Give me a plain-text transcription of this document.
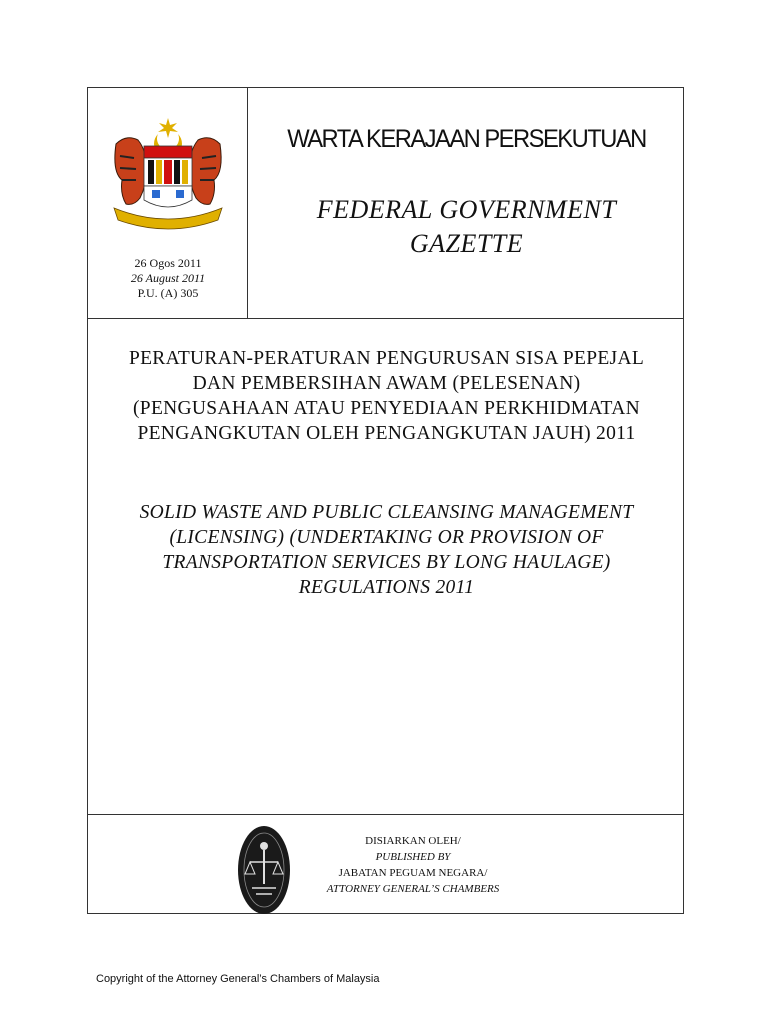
26 Ogos 2011
26 August 2011
P.U. (A) 305
WARTA KERAJAAN PERSEKUTUAN
FEDERAL GOVERNMENT
GAZETTE
PERATURAN-PERATURAN PENGURUSAN SISA PEPEJAL
DAN PEMBERSIHAN AWAM (PELESENAN)
(PENGUSAHAAN ATAU PENYEDIAAN PERKHIDMATAN
PENGANGKUTAN OLEH PENGANGKUTAN JAUH) 2011
SOLID WASTE AND PUBLIC CLEANSING MANAGEMENT
(LICENSING) (UNDERTAKING OR PROVISION OF
TRANSPORTATION SERVICES BY LONG HAULAGE)
REGULATIONS 2011
DISIARKAN OLEH/
PUBLISHED BY
JABATAN PEGUAM NEGARA/
ATTORNEY GENERAL’S CHAMBERS
Copyright of the Attorney General’s Chambers of Malaysia
